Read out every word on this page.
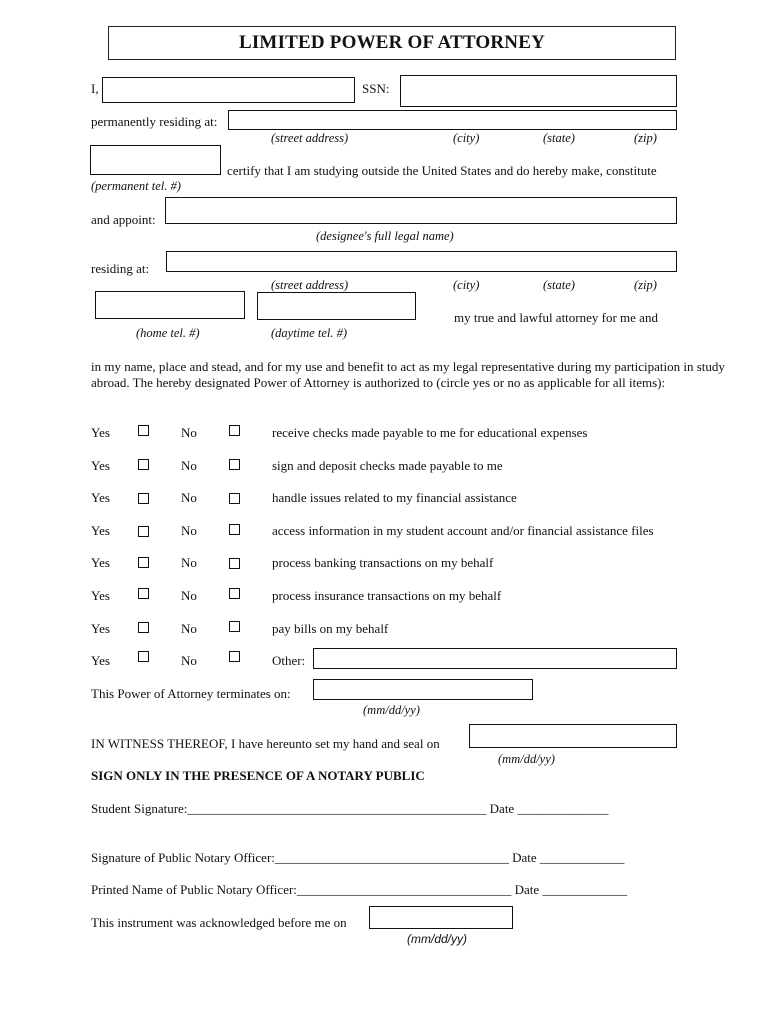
LIMITED POWER OF ATTORNEY
I,	SSN:
permanently residing at:
(street address)	(city)	(state)	(zip)
certify that I am studying outside the United States and do hereby make, constitute
(permanent tel. #)
and appoint:
(designee's full legal name)
residing at:
(street address)	(city)	(state)	(zip)
my true and lawful attorney for me and
(home tel. #)	(daytime tel. #)
in my name, place and stead, and for my use and benefit to act as my legal representative during my participation in study abroad. The hereby designated Power of Attorney is authorized to (circle yes or no as applicable for all items):
Yes	No	receive checks made payable to me for educational expenses
Yes	No	sign and deposit checks made payable to me
Yes	No	handle issues related to my financial assistance
Yes	No	access information in my student account and/or financial assistance files
Yes	No	process banking transactions on my behalf
Yes	No	process insurance transactions on my behalf
Yes	No	pay bills on my behalf
Yes	No	Other:
This Power of Attorney terminates on:
(mm/dd/yy)
IN WITNESS THEREOF, I have hereunto set my hand and seal on
(mm/dd/yy)
SIGN ONLY IN THE PRESENCE OF A NOTARY PUBLIC
Student Signature:______________________________________________ Date ______________
Signature of Public Notary Officer:____________________________________ Date _____________
Printed Name of Public Notary Officer:_________________________________ Date _____________
This instrument was acknowledged before me on
(mm/dd/yy)
